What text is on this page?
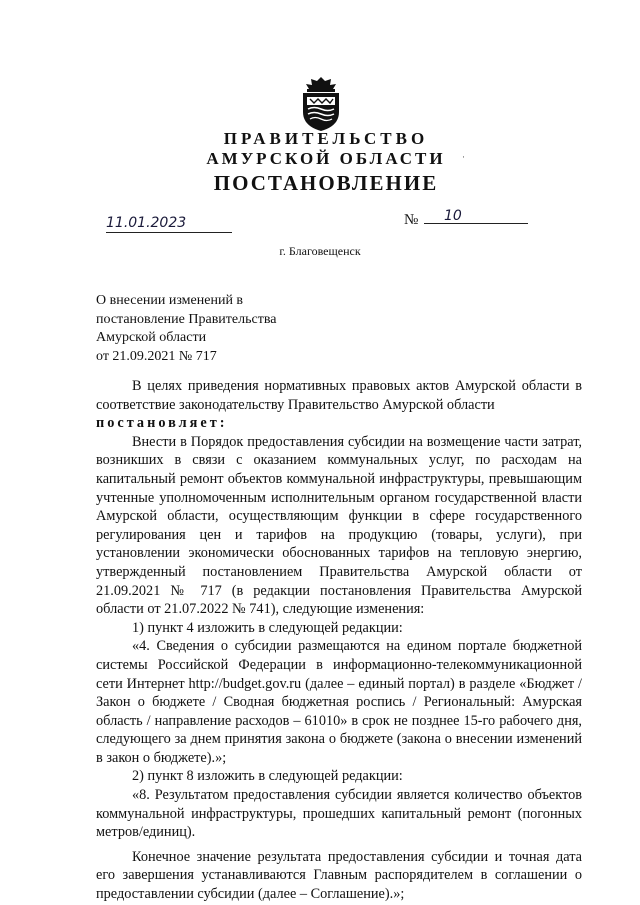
ПРАВИТЕЛЬСТВО
АМУРСКОЙ ОБЛАСТИ
ПОСТАНОВЛЕНИЕ
·
11.01.2023	№	10
г. Благовещенск
О внесении изменений в
постановление Правительства
Амурской области
от 21.09.2021 № 717

В целях приведения нормативных правовых актов Амурской области в соответствие законодательству Правительство Амурской области

постановляет:

Внести в Порядок предоставления субсидии на возмещение части затрат, возникших в связи с оказанием коммунальных услуг, по расходам на капитальный ремонт объектов коммунальной инфраструктуры, превышающим учтенные уполномоченным исполнительным органом государственной власти Амурской области, осуществляющим функции в сфере государственного регулирования цен и тарифов на продукцию (товары, услуги), при установлении экономически обоснованных тарифов на тепловую энергию, утвержденный постановлением Правительства Амурской области от 21.09.2021 № 717 (в редакции постановления Правительства Амурской области от 21.07.2022 № 741), следующие изменения:

1) пункт 4 изложить в следующей редакции:

«4. Сведения о субсидии размещаются на едином портале бюджетной системы Российской Федерации в информационно-телекоммуникационной сети Интернет http://budget.gov.ru (далее – единый портал) в разделе «Бюджет / Закон о бюджете / Сводная бюджетная роспись / Региональный: Амурская область / направление расходов – 61010» в срок не позднее 15-го рабочего дня, следующего за днем принятия закона о бюджете (закона о внесении изменений в закон о бюджете).»;

2) пункт 8 изложить в следующей редакции:

«8. Результатом предоставления субсидии является количество объектов коммунальной инфраструктуры, прошедших капитальный ремонт (погонных метров/единиц).

Конечное значение результата предоставления субсидии и точная дата его завершения устанавливаются Главным распорядителем в соглашении о предоставлении субсидии (далее – Соглашение).»;
